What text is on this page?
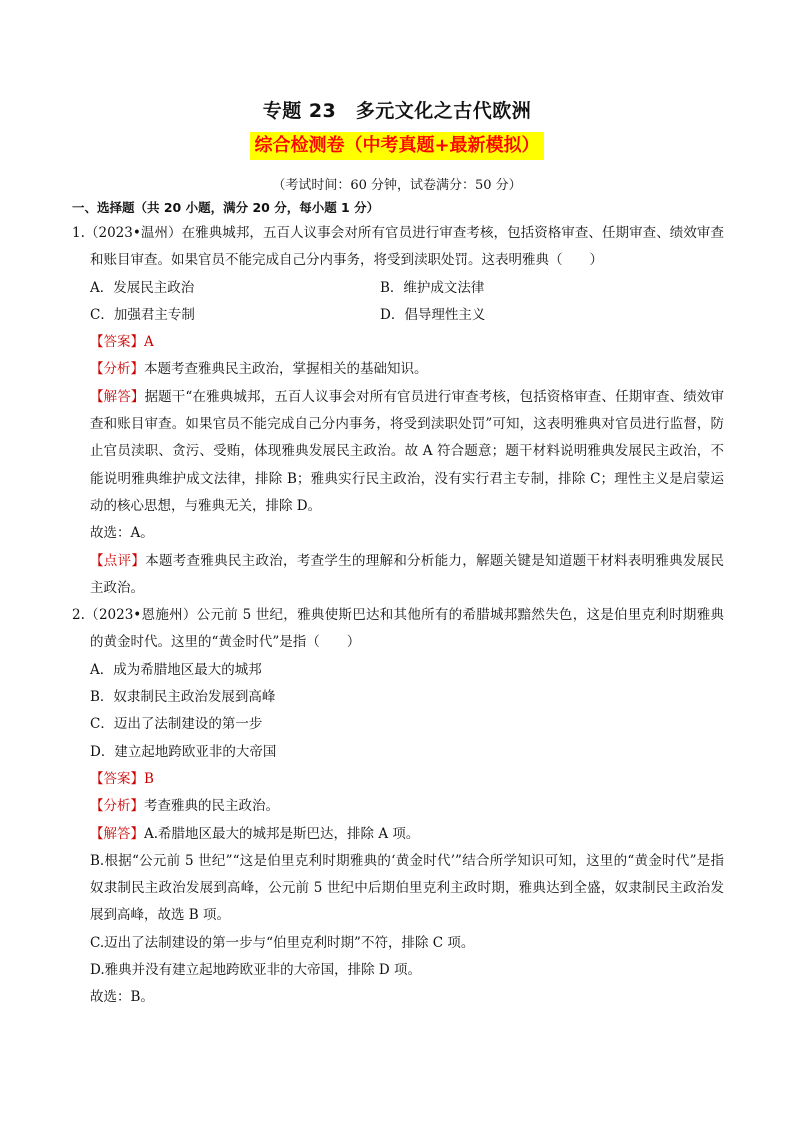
专题 23　多元文化之古代欧洲
综合检测卷（中考真题+最新模拟）
（考试时间：60 分钟，试卷满分：50 分）
一、选择题（共 20 小题，满分 20 分，每小题 1 分）
1.（2023•温州）在雅典城邦，五百人议事会对所有官员进行审查考核，包括资格审查、任期审查、绩效审查和账目审查。如果官员不能完成自己分内事务，将受到渎职处罚。这表明雅典（　　）
A．发展民主政治	B．维护成文法律
C．加强君主专制	D．倡导理性主义
【答案】A
【分析】本题考查雅典民主政治，掌握相关的基础知识。
【解答】据题干“在雅典城邦，五百人议事会对所有官员进行审查考核，包括资格审查、任期审查、绩效审查和账目审查。如果官员不能完成自己分内事务，将受到渎职处罚”可知，这表明雅典对官员进行监督，防止官员渎职、贪污、受贿，体现雅典发展民主政治。故 A 符合题意；题干材料说明雅典发展民主政治，不能说明雅典维护成文法律，排除 B；雅典实行民主政治，没有实行君主专制，排除 C；理性主义是启蒙运动的核心思想，与雅典无关，排除 D。
故选：A。
【点评】本题考查雅典民主政治，考查学生的理解和分析能力，解题关键是知道题干材料表明雅典发展民主政治。
2.（2023•恩施州）公元前 5 世纪，雅典使斯巴达和其他所有的希腊城邦黯然失色，这是伯里克利时期雅典的黄金时代。这里的“黄金时代”是指（　　）
A．成为希腊地区最大的城邦
B．奴隶制民主政治发展到高峰
C．迈出了法制建设的第一步
D．建立起地跨欧亚非的大帝国
【答案】B
【分析】考查雅典的民主政治。
【解答】A.希腊地区最大的城邦是斯巴达，排除 A 项。
B.根据“公元前 5 世纪”“这是伯里克利时期雅典的‘黄金时代’”结合所学知识可知，这里的“黄金时代”是指奴隶制民主政治发展到高峰，公元前 5 世纪中后期伯里克利主政时期，雅典达到全盛，奴隶制民主政治发展到高峰，故选 B 项。
C.迈出了法制建设的第一步与“伯里克利时期”不符，排除 C 项。
D.雅典并没有建立起地跨欧亚非的大帝国，排除 D 项。
故选：B。
